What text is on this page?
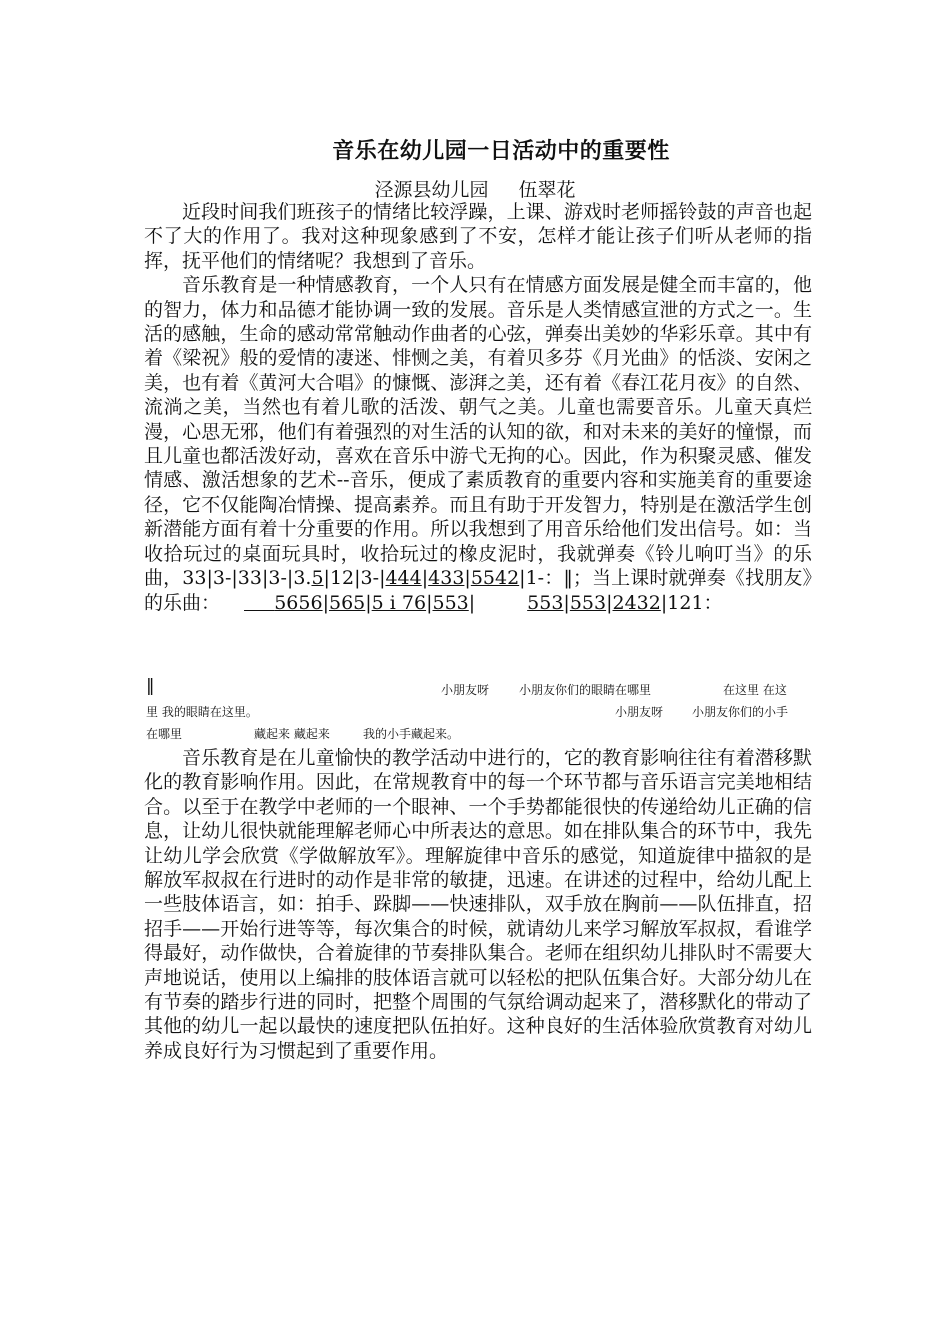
音乐在幼儿园一日活动中的重要性
泾源县幼儿园 伍翠花

近段时间我们班孩子的情绪比较浮躁，上课、游戏时老师摇铃鼓的声音也起不了大的作用了。我对这种现象感到了不安，怎样才能让孩子们听从老师的指挥，抚平他们的情绪呢？我想到了音乐。

音乐教育是一种情感教育，一个人只有在情感方面发展是健全而丰富的，他的智力，体力和品德才能协调一致的发展。音乐是人类情感宣泄的方式之一。生活的感触，生命的感动常常触动作曲者的心弦，弹奏出美妙的华彩乐章。其中有着《梁祝》般的爱情的凄迷、悱恻之美，有着贝多芬《月光曲》的恬淡、安闲之美，也有着《黄河大合唱》的慷慨、澎湃之美，还有着《春江花月夜》的自然、流淌之美，当然也有着儿歌的活泼、朝气之美。儿童也需要音乐。儿童天真烂漫，心思无邪，他们有着强烈的对生活的认知的欲，和对未来的美好的憧憬，而且儿童也都活泼好动，喜欢在音乐中游弋无拘的心。因此，作为积聚灵感、催发情感、激活想象的艺术--音乐，便成了素质教育的重要内容和实施美育的重要途径，它不仅能陶冶情操、提高素养。而且有助于开发智力，特别是在激活学生创新潜能方面有着十分重要的作用。所以我想到了用音乐给他们发出信号。如：当收拾玩过的桌面玩具时，收拾玩过的橡皮泥时，我就弹奏《铃儿响叮当》的乐曲，33|3-|33|3-|3.5|12|3-|444|433|5542|1-：‖；当上课时就弹奏《找朋友》的乐曲：	5656|565|5 i 76|553|	553|553|2432|121：

‖	小朋友呀 小朋友你们的眼睛在哪里	在这里 在这
里 我的眼睛在这里。	小朋友呀 小朋友你们的小手
在哪里	藏起来 藏起来	我的小手藏起来。

音乐教育是在儿童愉快的教学活动中进行的，它的教育影响往往有着潜移默化的教育影响作用。因此，在常规教育中的每一个环节都与音乐语言完美地相结合。以至于在教学中老师的一个眼神、一个手势都能很快的传递给幼儿正确的信息，让幼儿很快就能理解老师心中所表达的意思。如在排队集合的环节中，我先让幼儿学会欣赏《学做解放军》。理解旋律中音乐的感觉，知道旋律中描叙的是解放军叔叔在行进时的动作是非常的敏捷，迅速。在讲述的过程中，给幼儿配上一些肢体语言，如：拍手、跺脚——快速排队，双手放在胸前——队伍排直，招招手——开始行进等等，每次集合的时候，就请幼儿来学习解放军叔叔，看谁学得最好，动作做快，合着旋律的节奏排队集合。老师在组织幼儿排队时不需要大声地说话，使用以上编排的肢体语言就可以轻松的把队伍集合好。大部分幼儿在有节奏的踏步行进的同时，把整个周围的气氛给调动起来了，潜移默化的带动了其他的幼儿一起以最快的速度把队伍拍好。这种良好的生活体验欣赏教育对幼儿养成良好行为习惯起到了重要作用。
